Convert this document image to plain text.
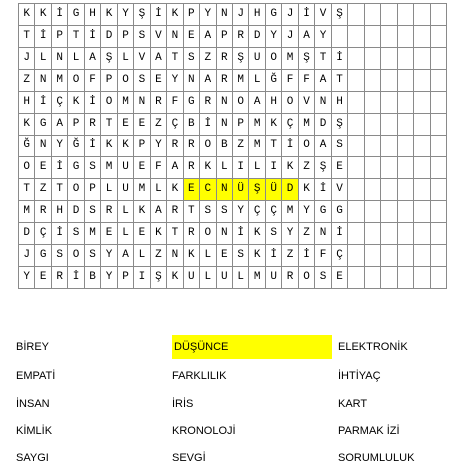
K K İ G H K Y Ş İ K P Y N J H G J İ V Ş
T İ P T İ D P S V N E A P R D Y J A Y
J L N L A Ş L V A T S Z R Ş U O M Ş T İ
Z N M O F P O S E Y N A R M L Ğ F F A T
H İ Ç K İ O M N R F G R N O A H O V N H
K G A P R T E E Z Ç B İ N P M K Ç M D Ş
Ğ N Y Ğ İ K K P Y R R O B Z M T İ O A S
O E İ G S M U E F A R K L I L I K Z Ş E
T Z T O P L U M L K E C N Ü Ş Ü D K İ V
M R H D S R L K A R T S S Y Ç Ç M Y G G
D Ç İ S M E L E K T R O N İ K S Y Z N İ
J G S O S Y A L Z N K L E S K İ Z İ F Ç
Y E R İ B Y P I Ş K U L U L M U R O S E
BİREY	DÜŞÜNCE	ELEKTRONİK
EMPATİ	FARKLILIK	İHTİYAÇ
İNSAN	İRİS	KART
KİMLİK	KRONOLOJİ	PARMAK İZİ
SAYGI	SEVGİ	SORUMLULUK
